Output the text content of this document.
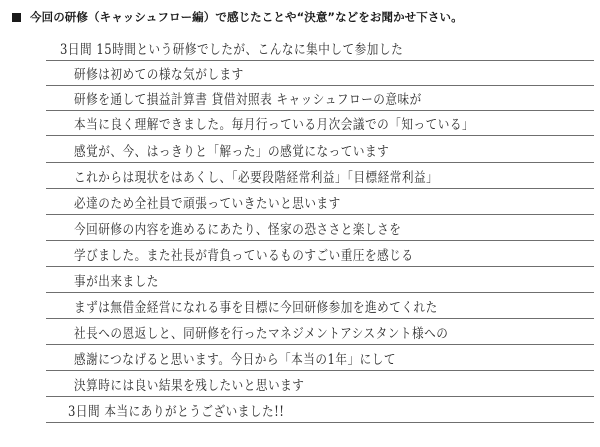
今回の研修（キャッシュフロー編）で感じたことや“決意”などをお聞かせ下さい。
3日間 15時間という研修でしたが、こんなに集中して参加した
研修は初めての様な気がします
研修を通して損益計算書 貸借対照表 キャッシュフローの意味が
本当に良く理解できました。毎月行っている月次会議での「知っている」
感覚が、今、はっきりと「解った」の感覚になっています
これからは現状をはあくし、「必要段階経常利益」「目標経常利益」
必達のため全社員で頑張っていきたいと思います
今回研修の内容を進めるにあたり、怪家の恐ささと楽しさを
学びました。また社長が背負っているものすごい重圧を感じる
事が出来ました
まずは無借金経営になれる事を目標に今回研修参加を進めてくれた
社長への恩返しと、同研修を行ったマネジメントアシスタント様への
感謝につなげると思います。今日から「本当の1年」にして
決算時には良い結果を残したいと思います
3日間 本当にありがとうございました!!
